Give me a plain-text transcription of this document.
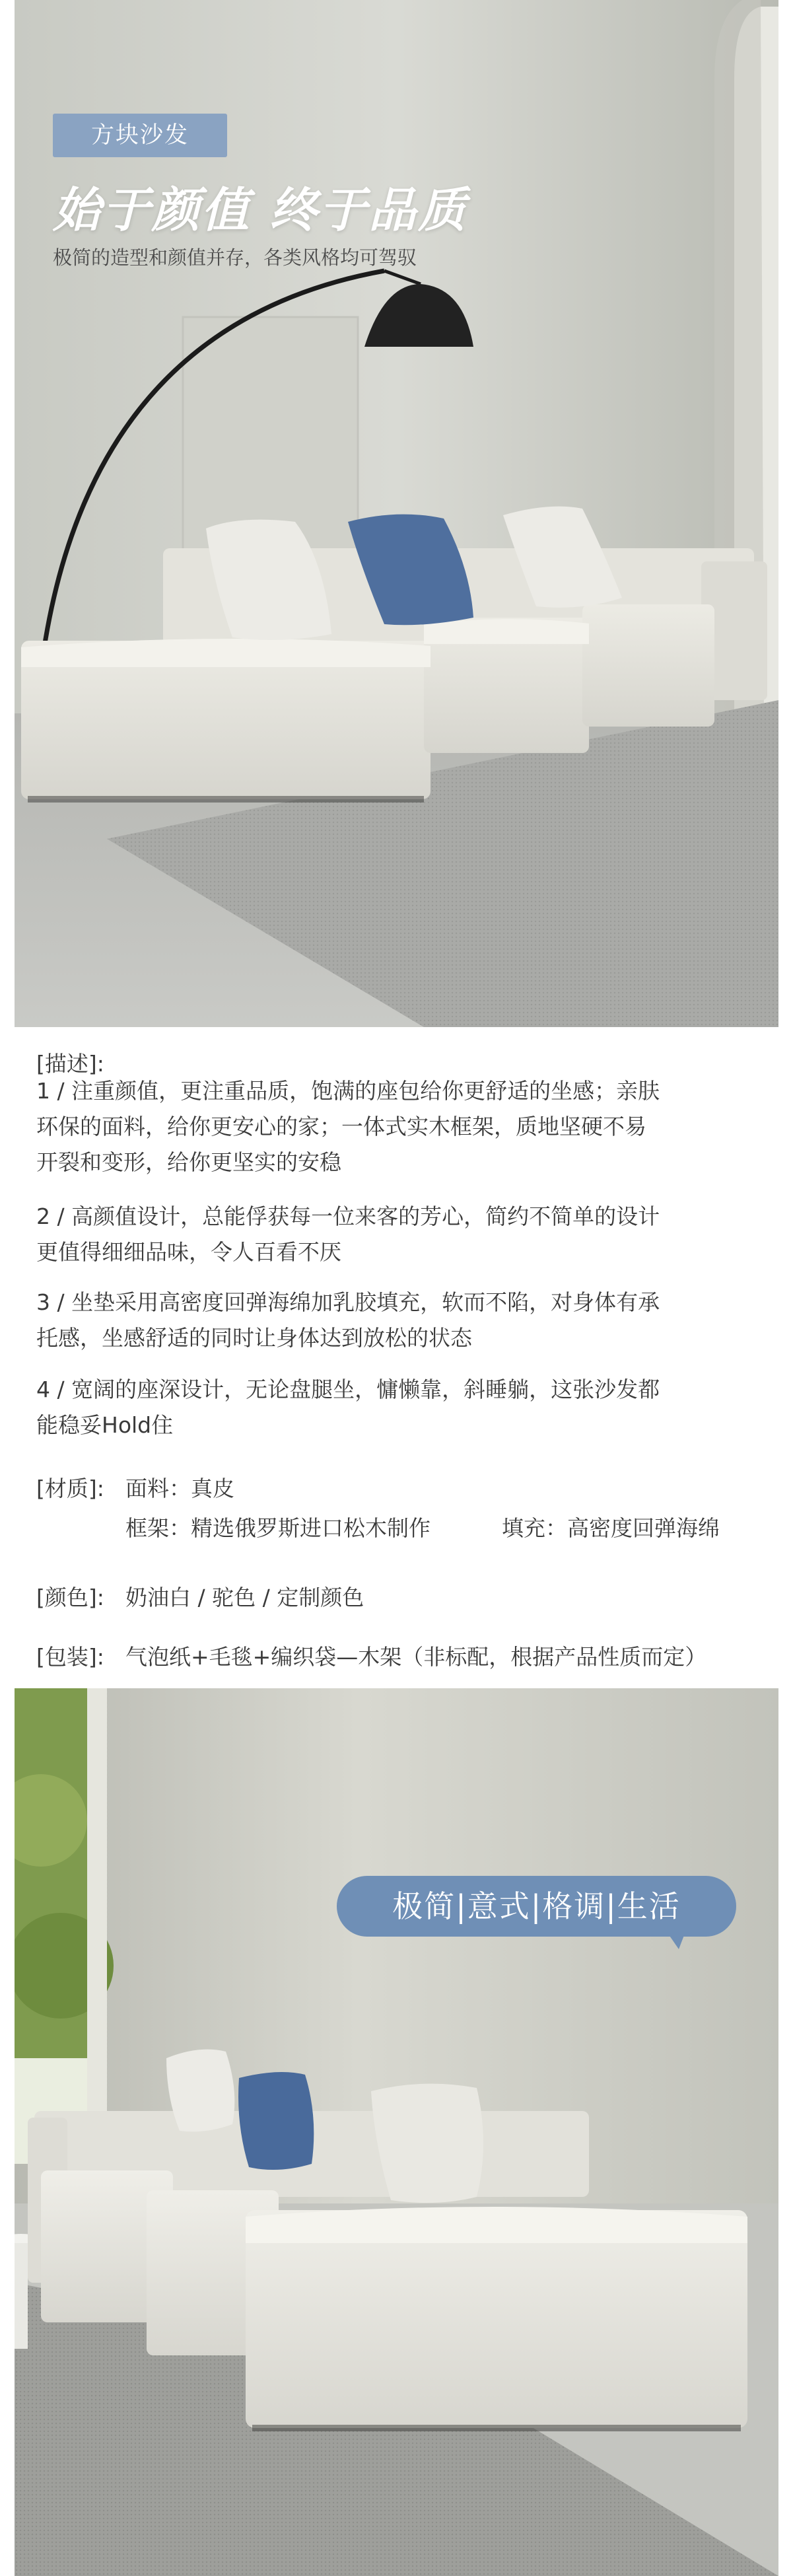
方块沙发
始于颜值 终于品质
极简的造型和颜值并存，各类风格均可驾驭
[描述]:
1 / 注重颜值，更注重品质，饱满的座包给你更舒适的坐感；亲肤
环保的面料，给你更安心的家；一体式实木框架，质地坚硬不易
开裂和变形，给你更坚实的安稳
2 / 高颜值设计，总能俘获每一位来客的芳心，简约不简单的设计
更值得细细品味，令人百看不厌
3 / 坐垫采用高密度回弹海绵加乳胶填充，软而不陷，对身体有承
托感，坐感舒适的同时让身体达到放松的状态
4 / 宽阔的座深设计，无论盘腿坐，慵懒靠，斜睡躺，这张沙发都
能稳妥Hold住
[材质]: 面料：真皮
框架：精选俄罗斯进口松木制作	填充：高密度回弹海绵
[颜色]: 奶油白 / 驼色 / 定制颜色
[包装]: 气泡纸+毛毯+编织袋—木架（非标配，根据产品性质而定）
极简|意式|格调|生活
